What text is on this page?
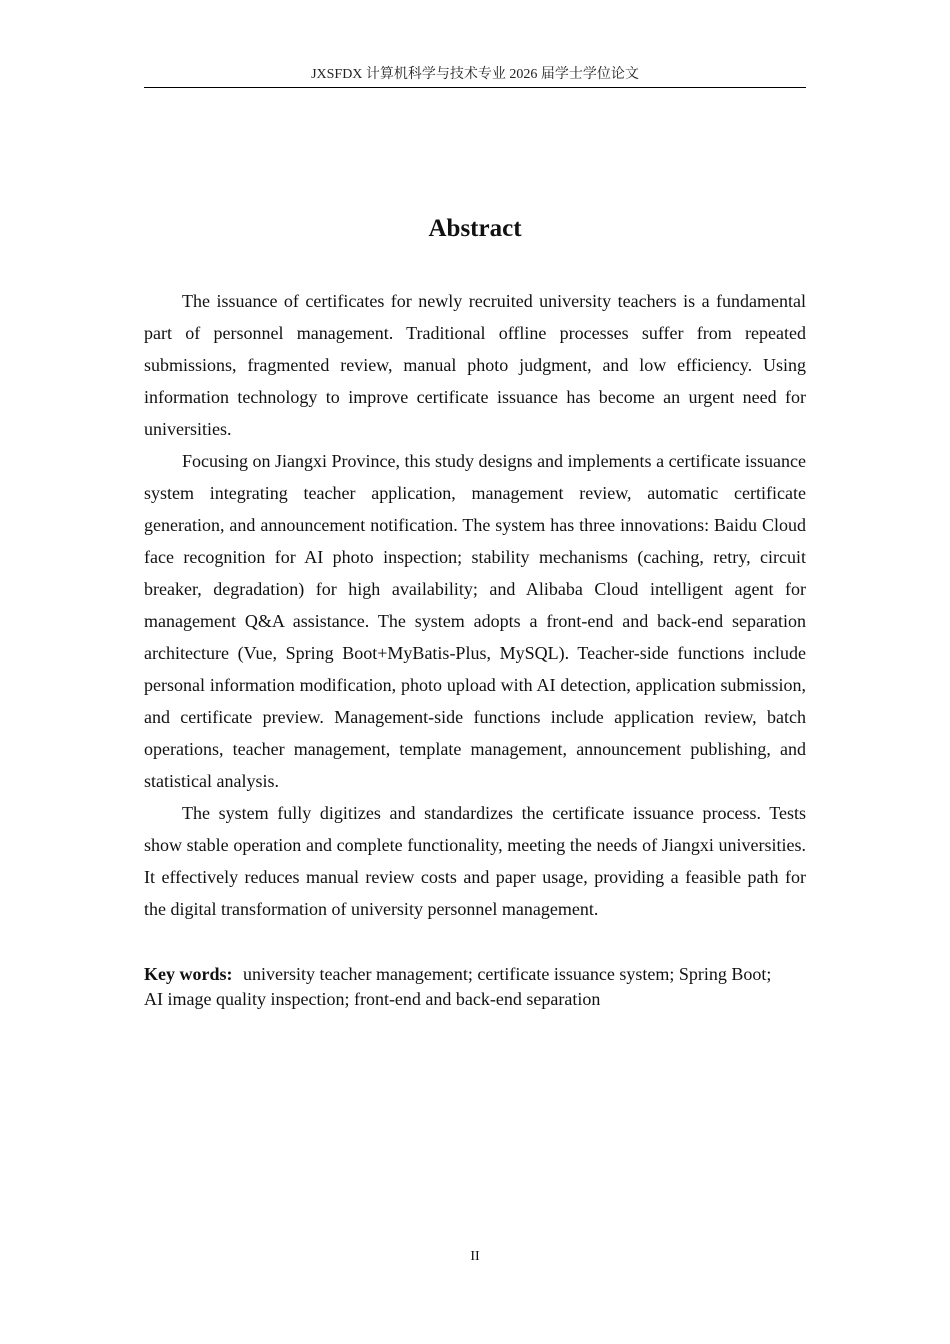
JXSFDX 计算机科学与技术专业 2026 届学士学位论文
Abstract

The issuance of certificates for newly recruited university teachers is a fundamental part of personnel management. Traditional offline processes suffer from repeated submissions, fragmented review, manual photo judgment, and low efficiency. Using information technology to improve certificate issuance has become an urgent need for universities.

Focusing on Jiangxi Province, this study designs and implements a certificate issuance system integrating teacher application, management review, automatic certificate generation, and announcement notification. The system has three innovations: Baidu Cloud face recognition for AI photo inspection; stability mechanisms (caching, retry, circuit breaker, degradation) for high availability; and Alibaba Cloud intelligent agent for management Q&A assistance. The system adopts a front-end and back-end separation architecture (Vue, Spring Boot+MyBatis-Plus, MySQL). Teacher-side functions include personal information modification, photo upload with AI detection, application submission, and certificate preview. Management-side functions include application review, batch operations, teacher management, template management, announcement publishing, and statistical analysis.

The system fully digitizes and standardizes the certificate issuance process. Tests show stable operation and complete functionality, meeting the needs of Jiangxi universities. It effectively reduces manual review costs and paper usage, providing a feasible path for the digital transformation of university personnel management.

Key words: university teacher management; certificate issuance system; Spring Boot; AI image quality inspection; front-end and back-end separation

II
